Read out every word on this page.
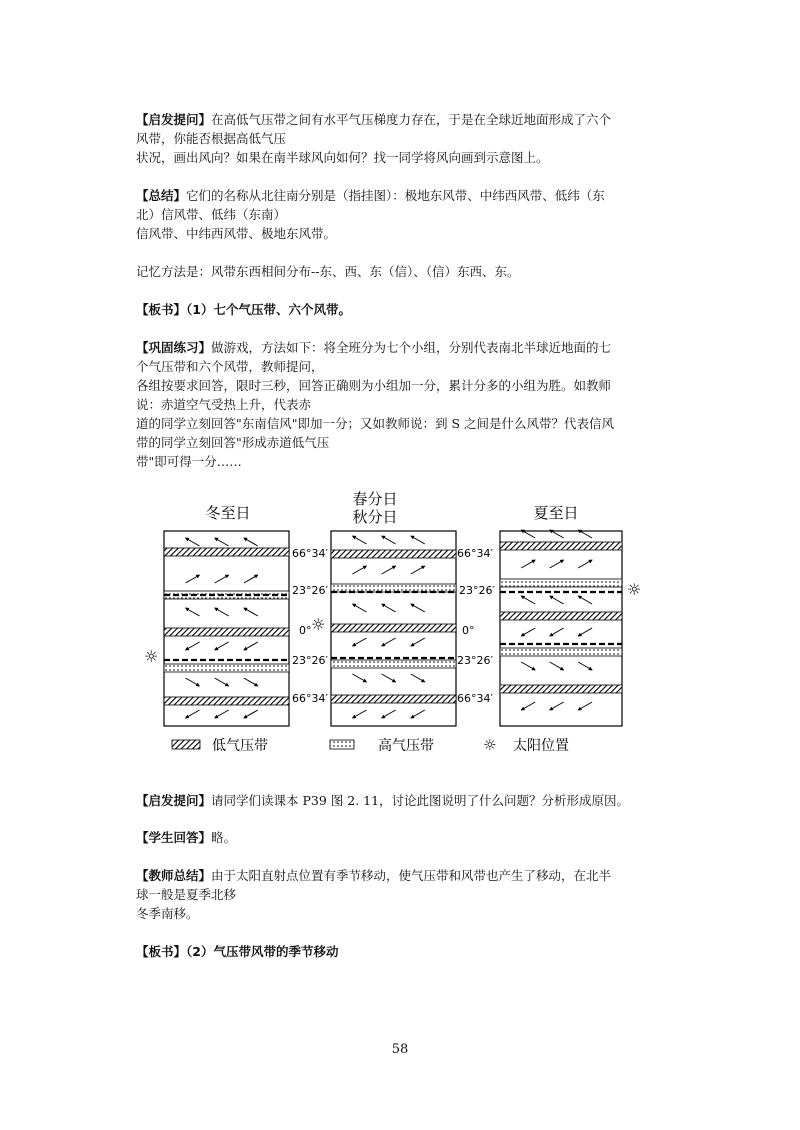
【启发提问】在高低气压带之间有水平气压梯度力存在，于是在全球近地面形成了六个
风带，你能否根据高低气压
状况，画出风向？如果在南半球风向如何？找一同学将风向画到示意图上。
【总结】它们的名称从北往南分别是（指挂图）：极地东风带、中纬西风带、低纬（东
北）信风带、低纬（东南）
信风带、中纬西风带、极地东风带。
记忆方法是：风带东西相间分布--东、西、东（信）、（信）东西、东。
【板书】（1）七个气压带、六个风带。
【巩固练习】做游戏，方法如下：将全班分为七个小组，分别代表南北半球近地面的七
个气压带和六个风带，教师提问，
各组按要求回答，限时三秒，回答正确则为小组加一分，累计分多的小组为胜。如教师
说：赤道空气受热上升，代表赤
道的同学立刻回答"东南信风"即加一分；又如教师说：到 S 之间是什么风带？代表信风
带的同学立刻回答"形成赤道低气压
带"即可得一分……
冬至日
春分日
秋分日	夏至日
66°34′	66°34′
23°26′	23°26′
0°	0°
23°26′	23°26′
66°34′	66°34′
☼
☼
☼
低气压带	高气压带	☼ 太阳位置
【启发提问】请同学们读课本 P39 图 2. 11，讨论此图说明了什么问题？分析形成原因。
【学生回答】略。
【教师总结】由于太阳直射点位置有季节移动，使气压带和风带也产生了移动，在北半
球一般是夏季北移
冬季南移。
【板书】（2）气压带风带的季节移动
58
